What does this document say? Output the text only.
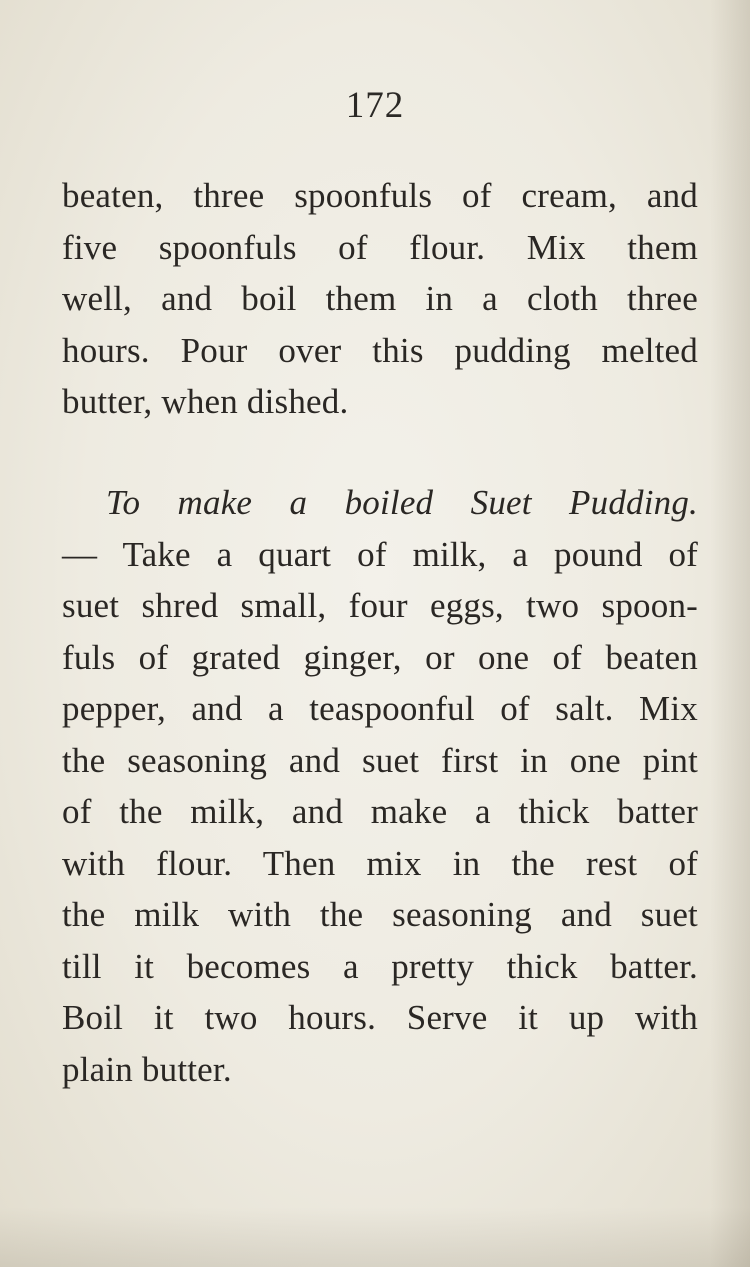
172
beaten, three spoonfuls of cream, and
five spoonfuls of flour. Mix them
well, and boil them in a cloth three
hours. Pour over this pudding melted
butter, when dished.
To make a boiled Suet Pudding.
— Take a quart of milk, a pound of
suet shred small, four eggs, two spoon-
fuls of grated ginger, or one of beaten
pepper, and a teaspoonful of salt. Mix
the seasoning and suet first in one pint
of the milk, and make a thick batter
with flour. Then mix in the rest of
the milk with the seasoning and suet
till it becomes a pretty thick batter.
Boil it two hours. Serve it up with
plain butter.
